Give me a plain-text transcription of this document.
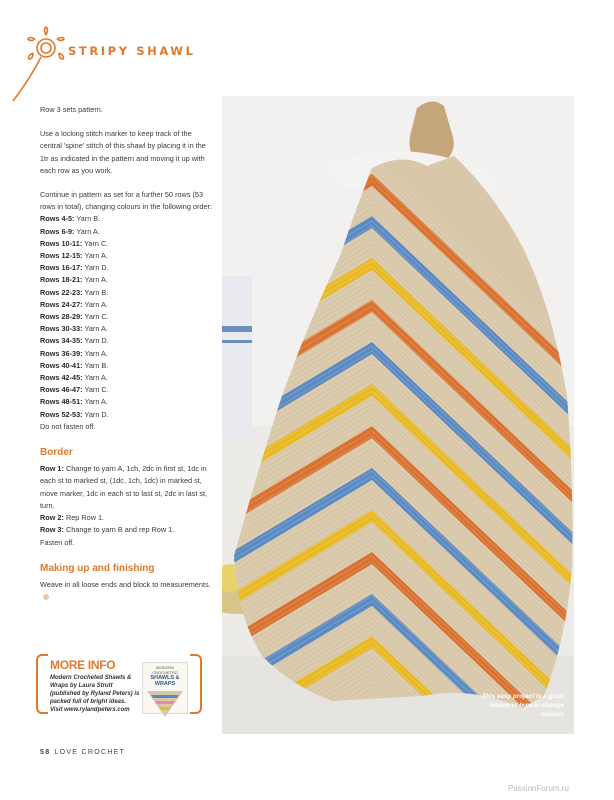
STRIPY SHAWL

Row 3 sets pattern.

Use a locking stitch marker to keep track of the central 'spine' stitch of this shawl by placing it in the 1tr as indicated in the pattern and moving it up with each row as you work.

Continue in pattern as set for a further 50 rows (53 rows in total), changing colours in the following order:

Rows 4-5: Yarn B.
Rows 6-9: Yarn A.
Rows 10-11: Yarn C.
Rows 12-15: Yarn A.
Rows 16-17: Yarn D.
Rows 18-21: Yarn A.
Rows 22-23: Yarn B.
Rows 24-27: Yarn A.
Rows 28-29: Yarn C.
Rows 30-33: Yarn A.
Rows 34-35: Yarn D.
Rows 36-39: Yarn A.
Rows 40-41: Yarn B.
Rows 42-45: Yarn A.
Rows 46-47: Yarn C.
Rows 48-51: Yarn A.
Rows 52-53: Yarn D.
Do not fasten off.
Border
Row 1: Change to yarn A, 1ch, 2dc in first st, 1dc in each st to marked st, (1dc, 1ch, 1dc) in marked st, move marker, 1dc in each st to last st, 2dc in last st, turn.
Row 2: Rep Row 1.
Row 3: Change to yarn B and rep Row 1.
Fasten off.
Making up and finishing
Weave in all loose ends and block to measurements.
MORE INFO
Modern Crocheted Shawls & Wraps by Laura Strutt (published by Ryland Peters) is packed full of bright ideas. Visit www.rylandpeters.com
MODERN CROCHETED
SHAWLS & WRAPS
This easy project is a great lesson in how to change colours
58 LOVE CROCHET
PassionForum.ru
